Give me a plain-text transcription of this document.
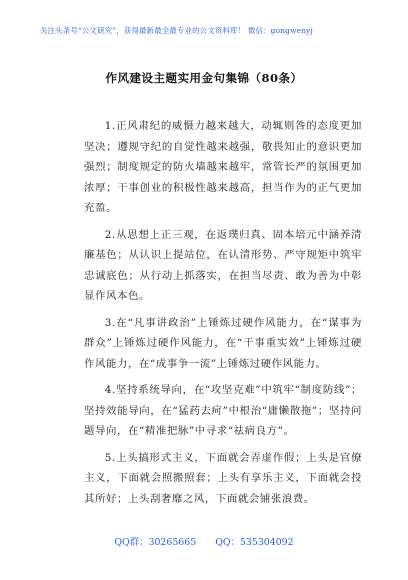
关注头条号“公文研究”，获得最新最全最专业的公文资料库！ 微信：gongwenyj
作风建设主题实用金句集锦（80条）

1.正风肃纪的威慑力越来越大，动辄则咎的态度更加坚决；遵规守纪的自觉性越来越强，敬畏知止的意识更加强烈；制度规定的防火墙越来越牢，常管长严的氛围更加浓厚；干事创业的积极性越来越高，担当作为的正气更加充盈。

2.从思想上正三观，在返璞归真、固本培元中涵养清廉基色；从认识上提站位，在认清形势、严守规矩中筑牢忠诚底色；从行动上抓落实，在担当尽责、敢为善为中彰显作风本色。

3.在“凡事讲政治”上锤炼过硬作风能力，在“谋事为群众”上锤炼过硬作风能力，在“干事重实效”上锤炼过硬作风能力，在“成事争一流”上锤炼过硬作风能力。

4.坚持系统导向，在“攻坚克难”中筑牢“制度防线”；坚持效能导向，在“猛药去疴”中根治“庸懒散拖”；坚持问题导向，在“精准把脉”中寻求“祛病良方”。

5.上头搞形式主义，下面就会弄虚作假；上头是官僚主义，下面就会照搬照套；上头有享乐主义，下面就会投其所好；上头刮奢靡之风，下面就会铺张浪费。

QQ群：30265665 QQ：535304092
